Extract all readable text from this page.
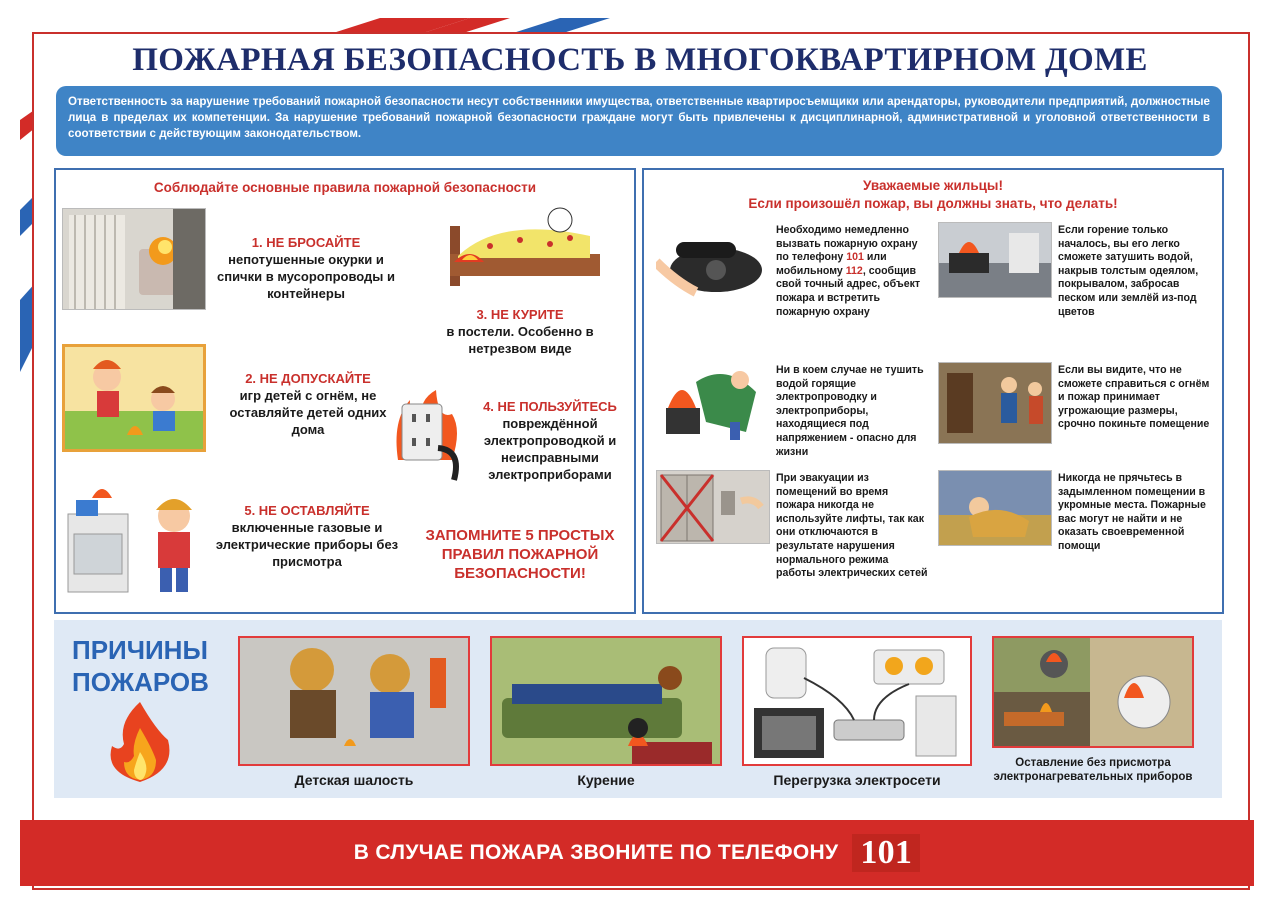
ПОЖАРНАЯ БЕЗОПАСНОСТЬ В МНОГОКВАРТИРНОМ ДОМЕ
Ответственность за нарушение требований пожарной безопасности несут собственники имущества, ответственные квартиросъемщики или арендаторы, руководители предприятий, должностные лица в пределах их компетенции. За нарушение требований пожарной безопасности граждане могут быть привлечены к дисциплинарной, административной и уголовной ответственности в соответствии с действующим законодательством.
Соблюдайте основные правила пожарной безопасности
1. НЕ БРОСАЙТЕ
непотушенные окурки и спички в мусоропроводы и контейнеры
3. НЕ КУРИТЕ
в постели. Особенно в нетрезвом виде
2. НЕ ДОПУСКАЙТЕ
игр детей с огнём, не оставляйте детей одних дома
4. НЕ ПОЛЬЗУЙТЕСЬ
повреждённой электропроводкой и неисправными электроприборами
5. НЕ ОСТАВЛЯЙТЕ
включенные газовые и электрические приборы без присмотра
ЗАПОМНИТЕ 5 ПРОСТЫХ ПРАВИЛ ПОЖАРНОЙ БЕЗОПАСНОСТИ!
Уважаемые жильцы!
Если произошёл пожар, вы должны знать, что делать!
Необходимо немедленно вызвать пожарную охрану по телефону 101 или мобильному 112, сообщив свой точный адрес, объект пожара и встретить пожарную охрану
Если горение только началось, вы его легко сможете затушить водой, накрыв толстым одеялом, покрывалом, забросав песком или землёй из-под цветов
Ни в коем случае не тушить водой горящие электропроводку и электроприборы, находящиеся под напряжением - опасно для жизни
Если вы видите, что не сможете справиться с огнём и пожар принимает угрожающие размеры, срочно покиньте помещение
При эвакуации из помещений во время пожара никогда не используйте лифты, так как они отключаются в результате нарушения нормального режима работы электрических сетей
Никогда не прячьтесь в задымленном помещении в укромные места. Пожарные вас могут не найти и не оказать своевременной помощи
ПРИЧИНЫ
ПОЖАРОВ
Детская шалость	Курение	Перегрузка электросети
Оставление без присмотра электронагревательных приборов
В СЛУЧАЕ ПОЖАРА ЗВОНИТЕ ПО ТЕЛЕФОНУ 101
